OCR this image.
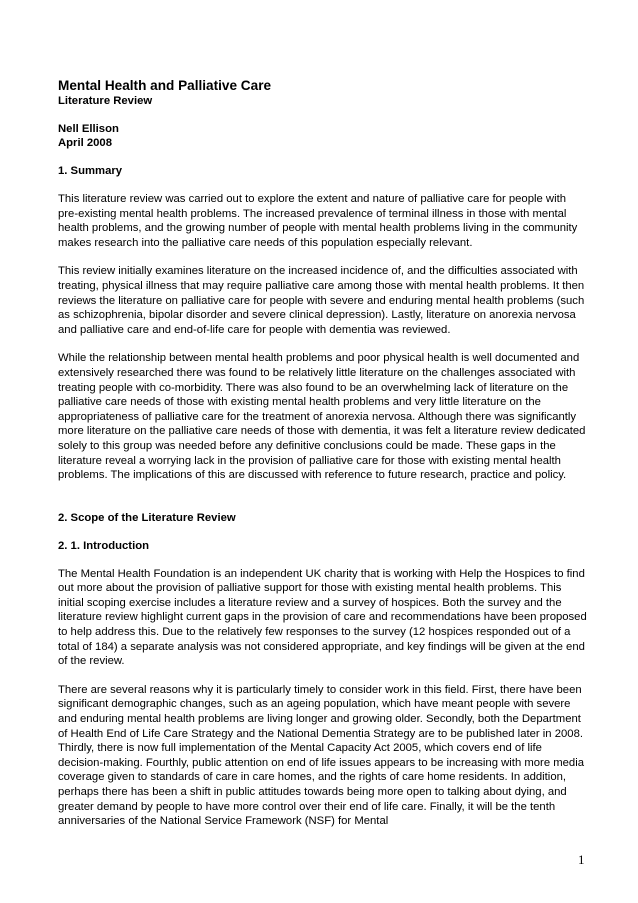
Mental Health and Palliative Care
Literature Review
Nell Ellison
April 2008
1. Summary

This literature review was carried out to explore the extent and nature of palliative care for people with pre-existing mental health problems. The increased prevalence of terminal illness in those with mental health problems, and the growing number of people with mental health problems living in the community makes research into the palliative care needs of this population especially relevant.

This review initially examines literature on the increased incidence of, and the difficulties associated with treating, physical illness that may require palliative care among those with mental health problems. It then reviews the literature on palliative care for people with severe and enduring mental health problems (such as schizophrenia, bipolar disorder and severe clinical depression). Lastly, literature on anorexia nervosa and palliative care and end-of-life care for people with dementia was reviewed.

While the relationship between mental health problems and poor physical health is well documented and extensively researched there was found to be relatively little literature on the challenges associated with treating people with co-morbidity. There was also found to be an overwhelming lack of literature on the palliative care needs of those with existing mental health problems and very little literature on the appropriateness of palliative care for the treatment of anorexia nervosa. Although there was significantly more literature on the palliative care needs of those with dementia, it was felt a literature review dedicated solely to this group was needed before any definitive conclusions could be made. These gaps in the literature reveal a worrying lack in the provision of palliative care for those with existing mental health problems. The implications of this are discussed with reference to future research, practice and policy.

2. Scope of the Literature Review
2. 1. Introduction

The Mental Health Foundation is an independent UK charity that is working with Help the Hospices to find out more about the provision of palliative support for those with existing mental health problems. This initial scoping exercise includes a literature review and a survey of hospices. Both the survey and the literature review highlight current gaps in the provision of care and recommendations have been proposed to help address this. Due to the relatively few responses to the survey (12 hospices responded out of a total of 184) a separate analysis was not considered appropriate, and key findings will be given at the end of the review.

There are several reasons why it is particularly timely to consider work in this field. First, there have been significant demographic changes, such as an ageing population, which have meant people with severe and enduring mental health problems are living longer and growing older. Secondly, both the Department of Health End of Life Care Strategy and the National Dementia Strategy are to be published later in 2008. Thirdly, there is now full implementation of the Mental Capacity Act 2005, which covers end of life decision-making. Fourthly, public attention on end of life issues appears to be increasing with more media coverage given to standards of care in care homes, and the rights of care home residents. In addition, perhaps there has been a shift in public attitudes towards being more open to talking about dying, and greater demand by people to have more control over their end of life care. Finally, it will be the tenth anniversaries of the National Service Framework (NSF) for Mental

1
